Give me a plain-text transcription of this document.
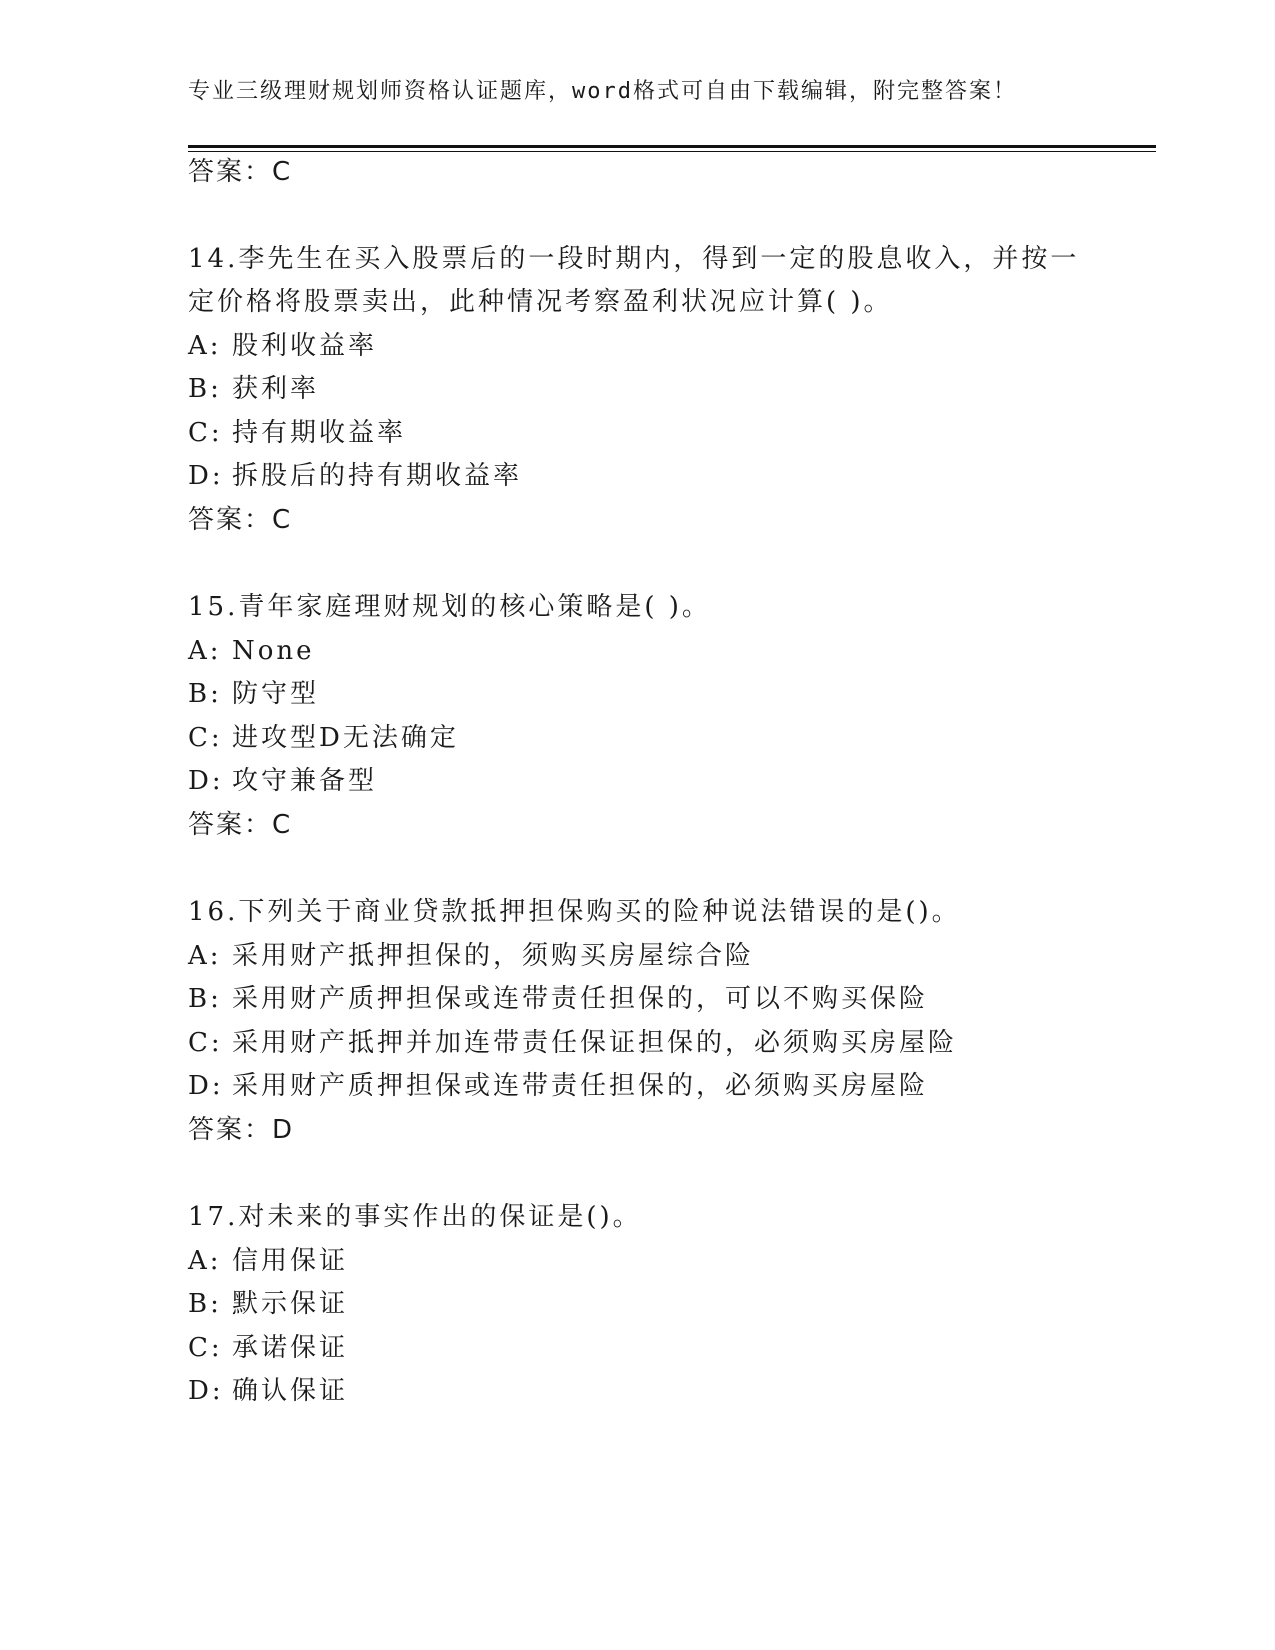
专业三级理财规划师资格认证题库，word格式可自由下载编辑，附完整答案！
答案：C
14.李先生在买入股票后的一段时期内，得到一定的股息收入，并按一
定价格将股票卖出，此种情况考察盈利状况应计算( )。
A: 股利收益率
B: 获利率
C: 持有期收益率
D: 拆股后的持有期收益率
答案：C
15.青年家庭理财规划的核心策略是( )。
A: None
B: 防守型
C: 进攻型D无法确定
D: 攻守兼备型
答案：C
16.下列关于商业贷款抵押担保购买的险种说法错误的是()。
A: 采用财产抵押担保的，须购买房屋综合险
B: 采用财产质押担保或连带责任担保的，可以不购买保险
C: 采用财产抵押并加连带责任保证担保的，必须购买房屋险
D: 采用财产质押担保或连带责任担保的，必须购买房屋险
答案：D
17.对未来的事实作出的保证是()。
A: 信用保证
B: 默示保证
C: 承诺保证
D: 确认保证
